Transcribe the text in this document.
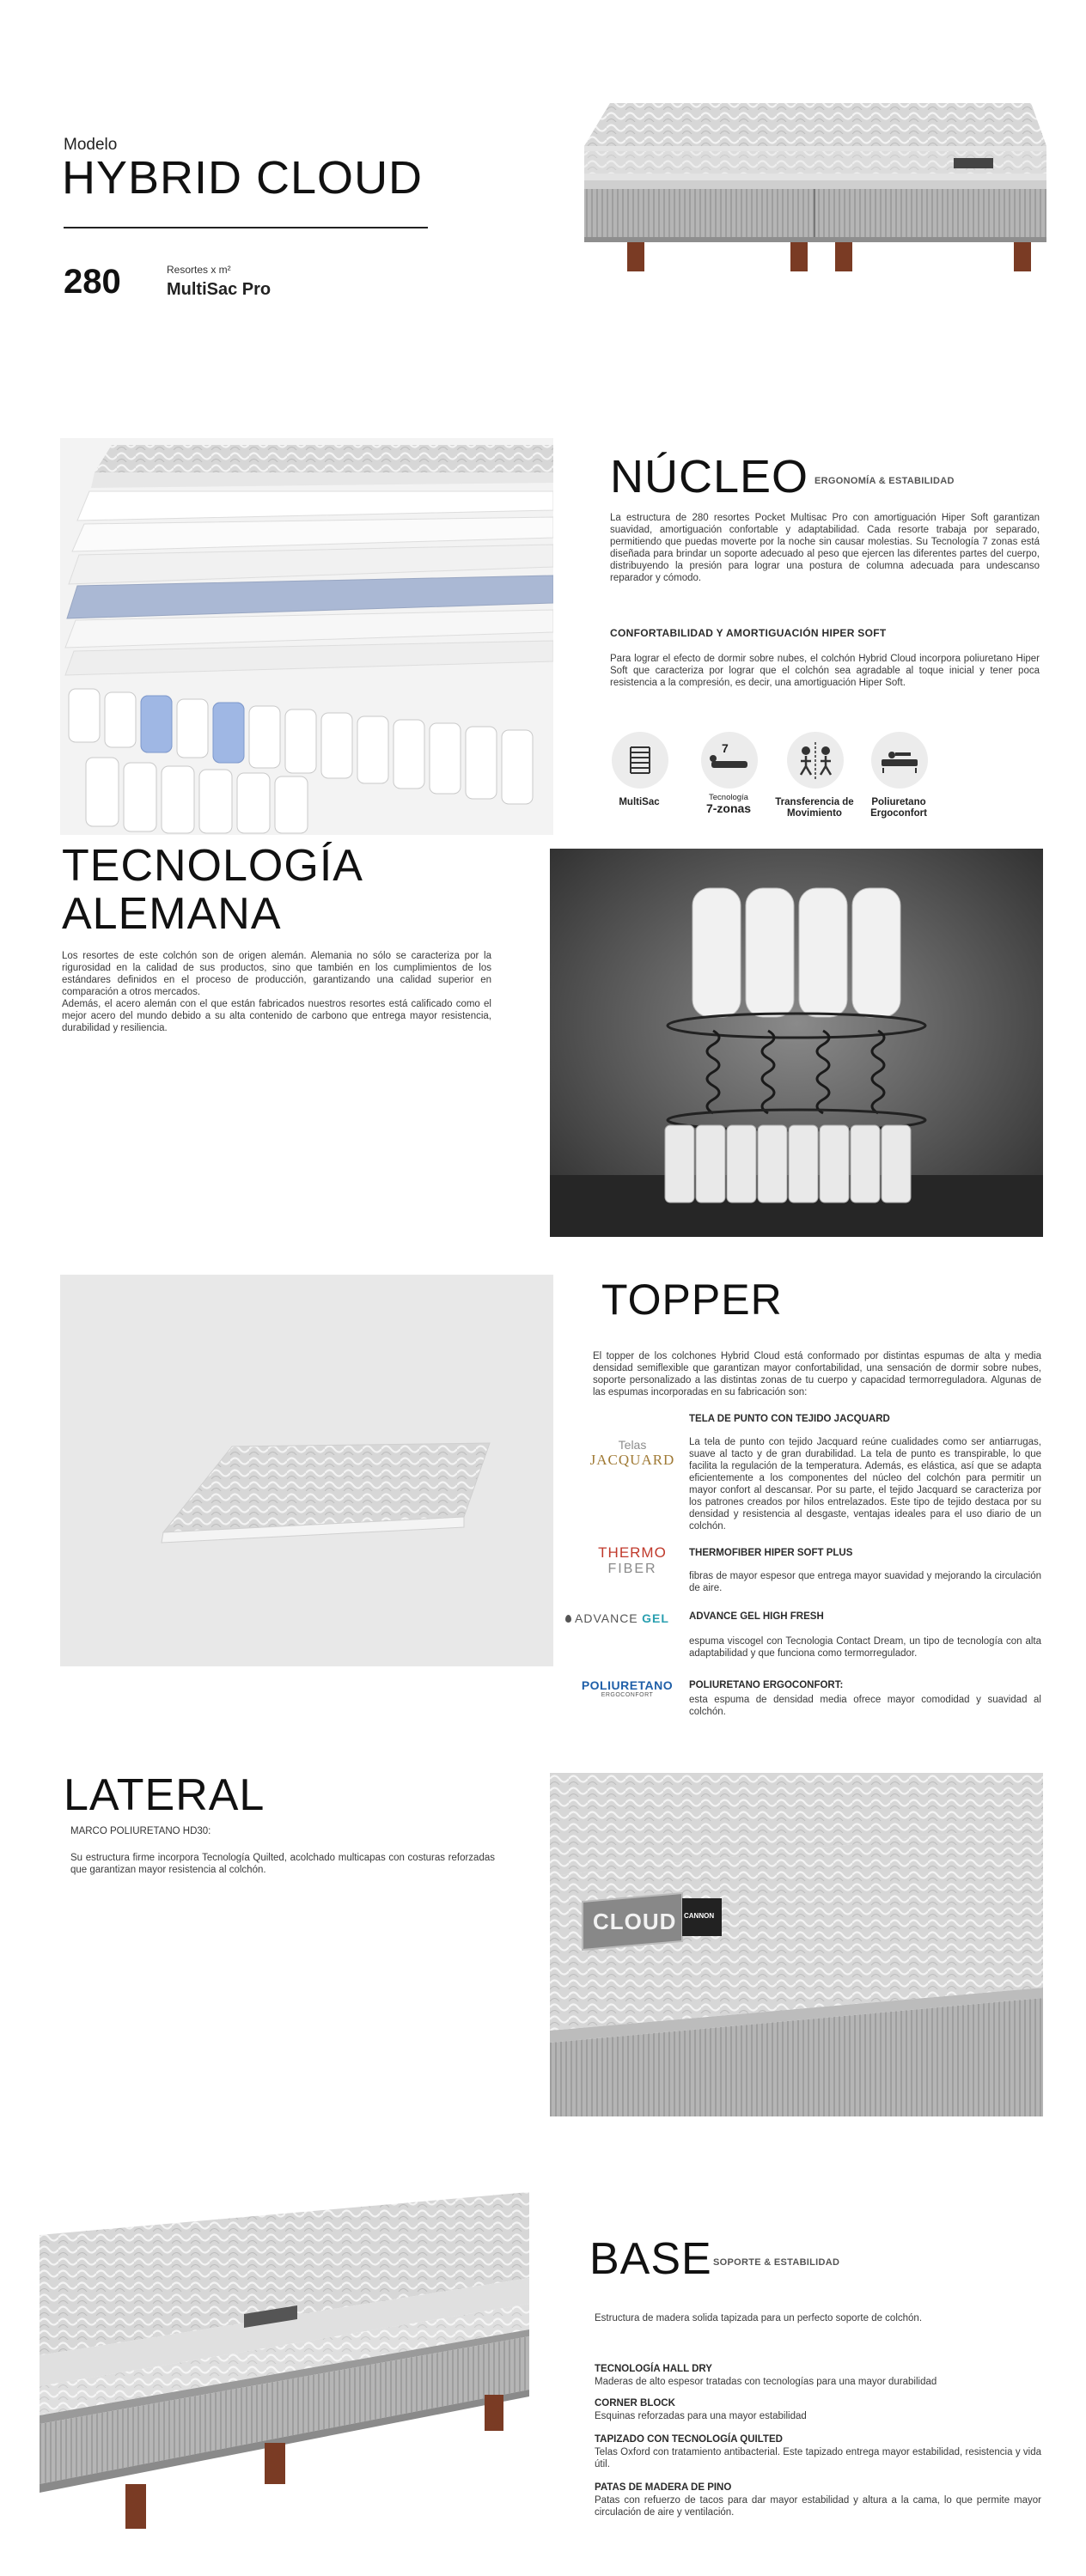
Modelo
HYBRID CLOUD
280	Resortes x m²
MultiSac Pro
NÚCLEO ERGONOMÍA & ESTABILIDAD
La estructura de 280 resortes Pocket Multisac Pro con amortiguación Hiper Soft garantizan suavidad, amortiguación confortable y adaptabilidad. Cada resorte trabaja por separado, permitiendo que puedas moverte por la noche sin causar molestias. Su Tecnología 7 zonas está diseñada para brindar un soporte adecuado al peso que ejercen las diferentes partes del cuerpo, distribuyendo la presión para lograr una postura de columna adecuada para undescanso reparador y cómodo.
CONFORTABILIDAD Y AMORTIGUACIÓN HIPER SOFT
Para lograr el efecto de dormir sobre nubes, el colchón Hybrid Cloud incorpora poliuretano Hiper Soft que caracteriza por lograr que el colchón sea agradable al toque inicial y tener poca resistencia a la compresión, es decir, una amortiguación Hiper Soft.
MultiSac
7
Tecnología
7-zonas	Transferencia de Movimiento
Poliuretano Ergoconfort
TECNOLOGÍA
ALEMANA
Los resortes de este colchón son de origen alemán. Alemania no sólo se caracteriza por la rigurosidad en la calidad de sus productos, sino que también en los cumplimientos de los estándares definidos en el proceso de producción, garantizando una calidad superior en comparación a otros mercados.
Además, el acero alemán con el que están fabricados nuestros resortes está calificado como el mejor acero del mundo debido a su alta contenido de carbono que entrega mayor resistencia, durabilidad y resiliencia.
TOPPER
El topper de los colchones Hybrid Cloud está conformado por distintas espumas de alta y media densidad semiflexible que garantizan mayor confortabilidad, una sensación de dormir sobre nubes, soporte personalizado a las distintas zonas de tu cuerpo y capacidad termorreguladora. Algunas de las espumas incorporadas en su fabricación son:
Telas
JACQUARD
TELA DE PUNTO CON TEJIDO JACQUARD
La tela de punto con tejido Jacquard reúne cualidades como ser antiarrugas, suave al tacto y de gran durabilidad. La tela de punto es transpirable, lo que facilita la regulación de la temperatura. Además, es elástica, así que se adapta eficientemente a los componentes del núcleo del colchón para permitir un mayor confort al descansar. Por su parte, el tejido Jacquard se caracteriza por los patrones creados por hilos entrelazados. Este tipo de tejido destaca por su densidad y resistencia al desgaste, ventajas ideales para el uso diario de un colchón.
THERMO
FIBER
THERMOFIBER HIPER SOFT PLUS
fibras de mayor espesor que entrega mayor suavidad y mejorando la circulación de aire.
ADVANCE GEL	ADVANCE GEL HIGH FRESH
espuma viscogel con Tecnologia Contact Dream, un tipo de tecnología con alta adaptabilidad y que funciona como termorregulador.
POLIURETANO
ERGOCONFORT
POLIURETANO ERGOCONFORT:
esta espuma de densidad media ofrece mayor comodidad y suavidad al colchón.
LATERAL
MARCO POLIURETANO HD30:
Su estructura firme incorpora Tecnología Quilted, acolchado multicapas con costuras reforzadas que garantizan mayor resistencia al colchón.
CLOUD CANNON
BASE SOPORTE & ESTABILIDAD
Estructura de madera solida tapizada para un perfecto soporte de colchón.
TECNOLOGÍA HALL DRY
Maderas de alto espesor tratadas con tecnologías para una mayor durabilidad
CORNER BLOCK
Esquinas reforzadas para una mayor estabilidad
TAPIZADO CON TECNOLOGÍA QUILTED
Telas Oxford con tratamiento antibacterial. Este tapizado entrega mayor estabilidad, resistencia y vida útil.
PATAS DE MADERA DE PINO
Patas con refuerzo de tacos para dar mayor estabilidad y altura a la cama, lo que permite mayor circulación de aire y ventilación.
